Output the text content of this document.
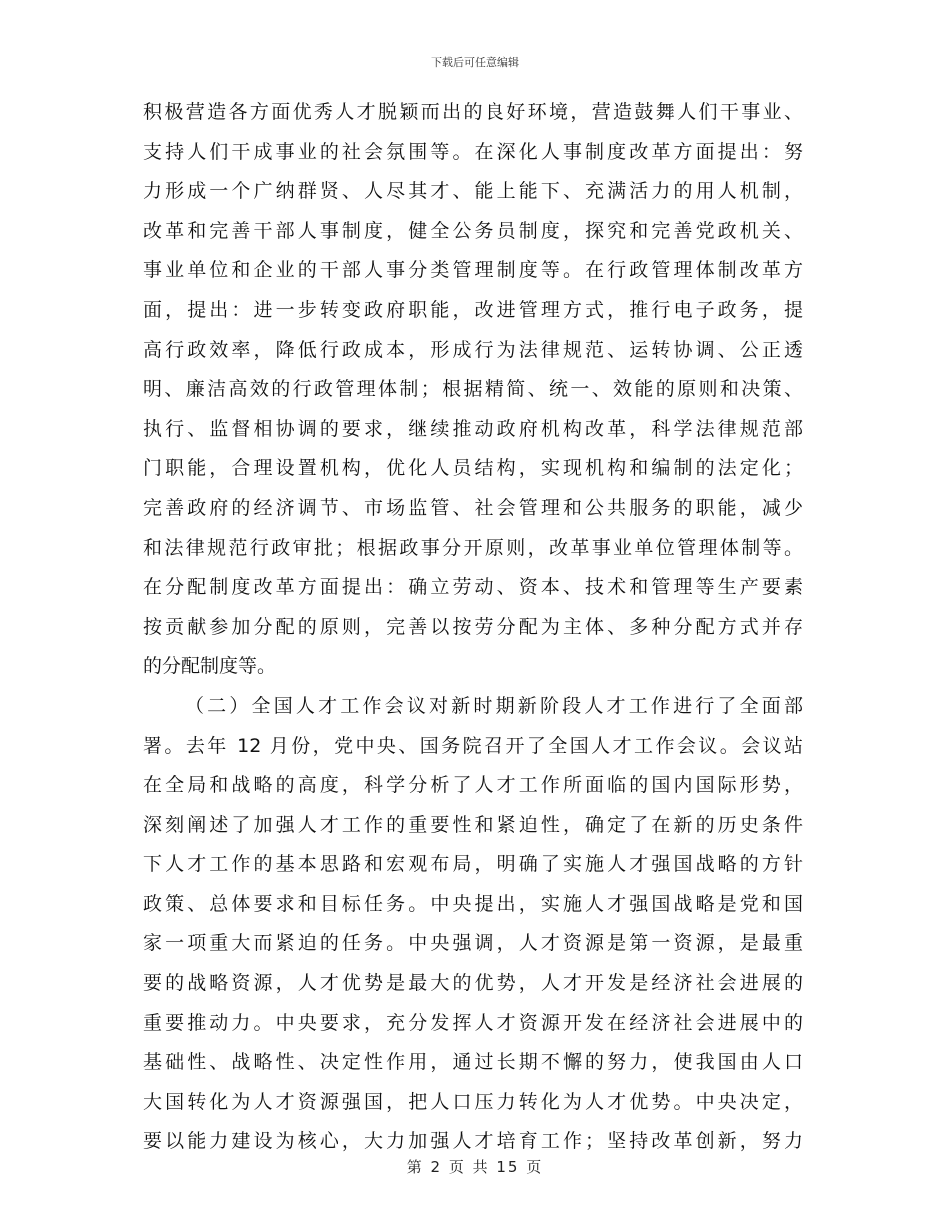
下载后可任意编辑
积极营造各方面优秀人才脱颖而出的良好环境，营造鼓舞人们干事业、
支持人们干成事业的社会氛围等。在深化人事制度改革方面提出：努
力形成一个广纳群贤、人尽其才、能上能下、充满活力的用人机制，
改革和完善干部人事制度，健全公务员制度，探究和完善党政机关、
事业单位和企业的干部人事分类管理制度等。在行政管理体制改革方
面，提出：进一步转变政府职能，改进管理方式，推行电子政务，提
高行政效率，降低行政成本，形成行为法律规范、运转协调、公正透
明、廉洁高效的行政管理体制；根据精简、统一、效能的原则和决策、
执行、监督相协调的要求，继续推动政府机构改革，科学法律规范部
门职能，合理设置机构，优化人员结构，实现机构和编制的法定化；
完善政府的经济调节、市场监管、社会管理和公共服务的职能，减少
和法律规范行政审批；根据政事分开原则，改革事业单位管理体制等。
在分配制度改革方面提出：确立劳动、资本、技术和管理等生产要素
按贡献参加分配的原则，完善以按劳分配为主体、多种分配方式并存
的分配制度等。
（二）全国人才工作会议对新时期新阶段人才工作进行了全面部
署。去年 12 月份，党中央、国务院召开了全国人才工作会议。会议站
在全局和战略的高度，科学分析了人才工作所面临的国内国际形势，
深刻阐述了加强人才工作的重要性和紧迫性，确定了在新的历史条件
下人才工作的基本思路和宏观布局，明确了实施人才强国战略的方针
政策、总体要求和目标任务。中央提出，实施人才强国战略是党和国
家一项重大而紧迫的任务。中央强调，人才资源是第一资源，是最重
要的战略资源，人才优势是最大的优势，人才开发是经济社会进展的
重要推动力。中央要求，充分发挥人才资源开发在经济社会进展中的
基础性、战略性、决定性作用，通过长期不懈的努力，使我国由人口
大国转化为人才资源强国，把人口压力转化为人才优势。中央决定，
要以能力建设为核心，大力加强人才培育工作；坚持改革创新，努力
第 2 页 共 15 页
